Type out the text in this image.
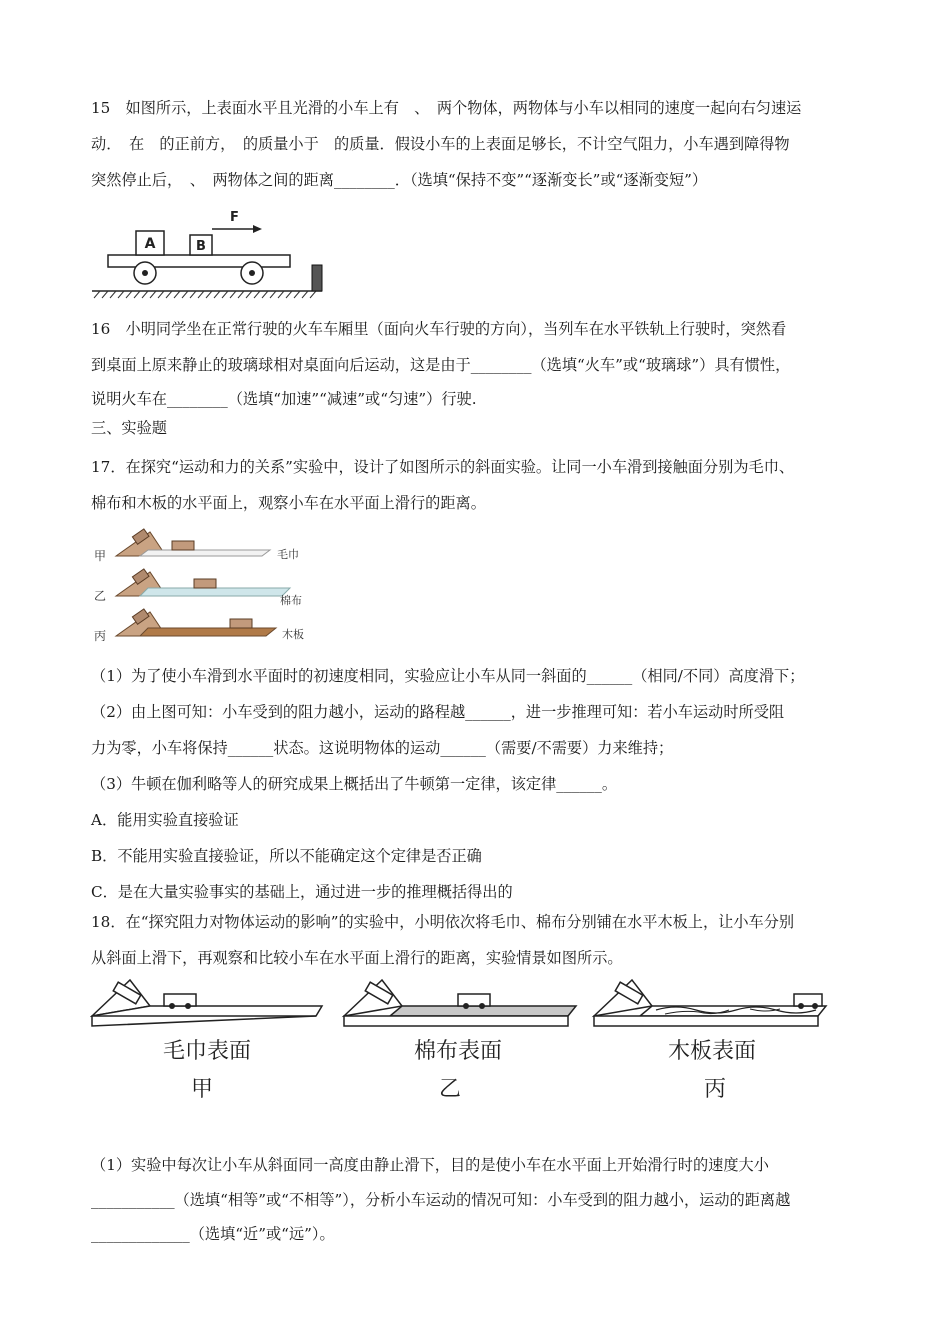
15　如图所示，上表面水平且光滑的小车上有　、　两个物体，两物体与小车以相同的速度一起向右匀速运

动．　在　的正前方，　的质量小于　的质量．假设小车的上表面足够长，不计空气阻力，小车遇到障得物

突然停止后，　、　两物体之间的距离________．（选填“保持不变”“逐渐变长”或“逐渐变短”）

A	B
F

16　小明同学坐在正常行驶的火车车厢里（面向火车行驶的方向），当列车在水平铁轨上行驶时，突然看

到桌面上原来静止的玻璃球相对桌面向后运动，这是由于________（选填“火车”或“玻璃球”）具有惯性，

说明火车在________（选填“加速”“减速”或“匀速”）行驶.

三、实验题

17．在探究“运动和力的关系”实验中，设计了如图所示的斜面实验。让同一小车滑到接触面分别为毛巾、

棉布和木板的水平面上，观察小车在水平面上滑行的距离。

甲	毛巾
乙	棉布
丙	木板

（1）为了使小车滑到水平面时的初速度相同，实验应让小车从同一斜面的______（相同/不同）高度滑下；

（2）由上图可知：小车受到的阻力越小，运动的路程越______，进一步推理可知：若小车运动时所受阻

力为零，小车将保持______状态。这说明物体的运动______（需要/不需要）力来维持；

（3）牛顿在伽利略等人的研究成果上概括出了牛顿第一定律，该定律______。

A．能用实验直接验证

B．不能用实验直接验证，所以不能确定这个定律是否正确

C．是在大量实验事实的基础上，通过进一步的推理概括得出的

18．在“探究阻力对物体运动的影响”的实验中，小明依次将毛巾、棉布分别铺在水平木板上，让小车分别

从斜面上滑下，再观察和比较小车在水平面上滑行的距离，实验情景如图所示。

毛巾表面
甲
棉布表面
乙
木板表面
丙

（1）实验中每次让小车从斜面同一高度由静止滑下，目的是使小车在水平面上开始滑行时的速度大小

___________（选填“相等”或“不相等”），分析小车运动的情况可知：小车受到的阻力越小，运动的距离越

_____________（选填“近”或“远”）。
